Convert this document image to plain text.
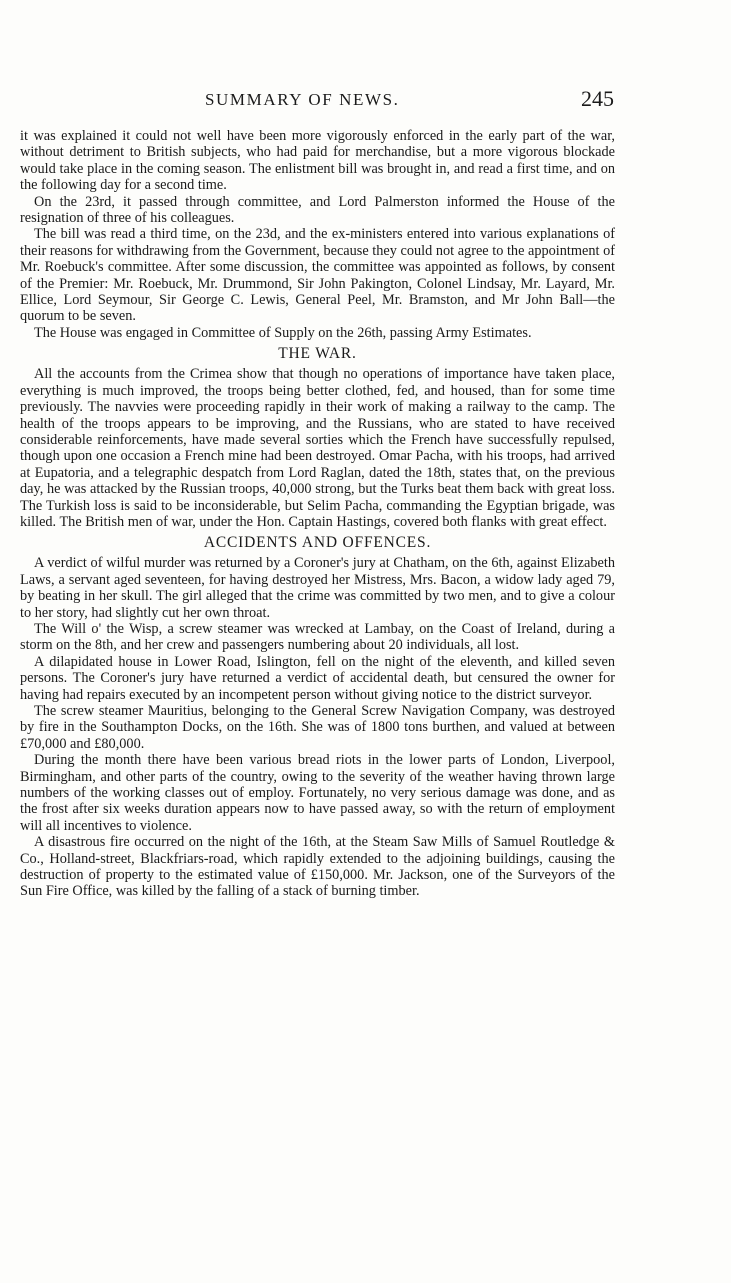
SUMMARY OF NEWS.	245

it was explained it could not well have been more vigorously enforced in the early part of the war, without detriment to British subjects, who had paid for merchandise, but a more vigorous blockade would take place in the coming season. The enlistment bill was brought in, and read a first time, and on the following day for a second time.

On the 23rd, it passed through committee, and Lord Palmerston informed the House of the resignation of three of his colleagues.

The bill was read a third time, on the 23d, and the ex-ministers entered into various explanations of their reasons for withdrawing from the Government, because they could not agree to the appointment of Mr. Roebuck's committee. After some discussion, the committee was appointed as follows, by consent of the Premier: Mr. Roebuck, Mr. Drummond, Sir John Pakington, Colonel Lindsay, Mr. Layard, Mr. Ellice, Lord Seymour, Sir George C. Lewis, General Peel, Mr. Bramston, and Mr John Ball—the quorum to be seven.

The House was engaged in Committee of Supply on the 26th, passing Army Estimates.

THE WAR.

All the accounts from the Crimea show that though no operations of importance have taken place, everything is much improved, the troops being better clothed, fed, and housed, than for some time previously. The navvies were proceeding rapidly in their work of making a railway to the camp. The health of the troops appears to be improving, and the Russians, who are stated to have received considerable reinforcements, have made several sorties which the French have successfully repulsed, though upon one occasion a French mine had been destroyed. Omar Pacha, with his troops, had arrived at Eupatoria, and a telegraphic despatch from Lord Raglan, dated the 18th, states that, on the previous day, he was attacked by the Russian troops, 40,000 strong, but the Turks beat them back with great loss. The Turkish loss is said to be inconsiderable, but Selim Pacha, commanding the Egyptian brigade, was killed. The British men of war, under the Hon. Captain Hastings, covered both flanks with great effect.

ACCIDENTS AND OFFENCES.

A verdict of wilful murder was returned by a Coroner's jury at Chatham, on the 6th, against Elizabeth Laws, a servant aged seventeen, for having destroyed her Mistress, Mrs. Bacon, a widow lady aged 79, by beating in her skull. The girl alleged that the crime was committed by two men, and to give a colour to her story, had slightly cut her own throat.

The Will o' the Wisp, a screw steamer was wrecked at Lambay, on the Coast of Ireland, during a storm on the 8th, and her crew and passengers numbering about 20 individuals, all lost.

A dilapidated house in Lower Road, Islington, fell on the night of the eleventh, and killed seven persons. The Coroner's jury have returned a verdict of accidental death, but censured the owner for having had repairs executed by an incompetent person without giving notice to the district surveyor.

The screw steamer Mauritius, belonging to the General Screw Navigation Company, was destroyed by fire in the Southampton Docks, on the 16th. She was of 1800 tons burthen, and valued at between £70,000 and £80,000.

During the month there have been various bread riots in the lower parts of London, Liverpool, Birmingham, and other parts of the country, owing to the severity of the weather having thrown large numbers of the working classes out of employ. Fortunately, no very serious damage was done, and as the frost after six weeks duration appears now to have passed away, so with the return of employment will all incentives to violence.

A disastrous fire occurred on the night of the 16th, at the Steam Saw Mills of Samuel Routledge & Co., Holland-street, Blackfriars-road, which rapidly extended to the adjoining buildings, causing the destruction of property to the estimated value of £150,000. Mr. Jackson, one of the Surveyors of the Sun Fire Office, was killed by the falling of a stack of burning timber.
